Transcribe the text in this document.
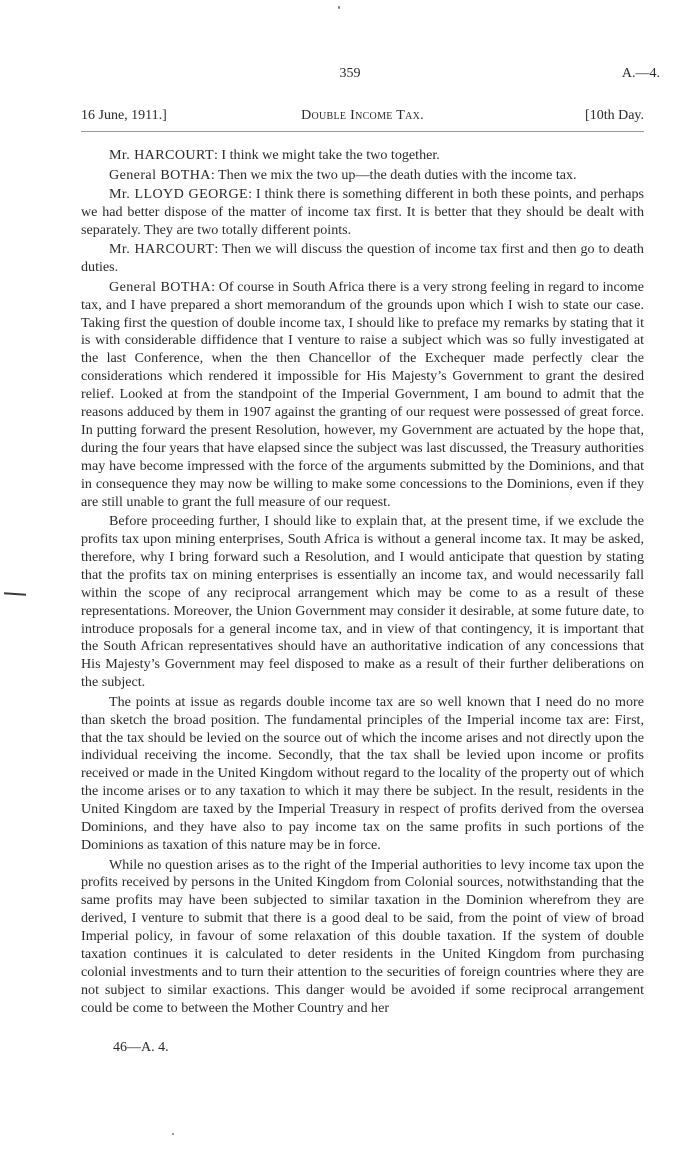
359	A.—4.
16 June, 1911.]	Double Income Tax.	[10th Day.

Mr. HARCOURT: I think we might take the two together.

General BOTHA: Then we mix the two up—the death duties with the income tax.

Mr. LLOYD GEORGE: I think there is something different in both these points, and perhaps we had better dispose of the matter of income tax first. It is better that they should be dealt with separately. They are two totally different points.

Mr. HARCOURT: Then we will discuss the question of income tax first and then go to death duties.

General BOTHA: Of course in South Africa there is a very strong feeling in regard to income tax, and I have prepared a short memorandum of the grounds upon which I wish to state our case. Taking first the question of double income tax, I should like to preface my remarks by stating that it is with considerable diffidence that I venture to raise a subject which was so fully investigated at the last Conference, when the then Chancellor of the Exchequer made perfectly clear the considerations which rendered it impossible for His Majesty’s Government to grant the desired relief. Looked at from the standpoint of the Imperial Government, I am bound to admit that the reasons adduced by them in 1907 against the granting of our request were possessed of great force. In putting forward the present Resolution, however, my Government are actuated by the hope that, during the four years that have elapsed since the subject was last discussed, the Treasury authorities may have become impressed with the force of the arguments submitted by the Dominions, and that in consequence they may now be willing to make some concessions to the Dominions, even if they are still unable to grant the full measure of our request.

Before proceeding further, I should like to explain that, at the present time, if we exclude the profits tax upon mining enterprises, South Africa is without a general income tax. It may be asked, therefore, why I bring forward such a Resolution, and I would anticipate that question by stating that the profits tax on mining enterprises is essentially an income tax, and would necessarily fall within the scope of any reciprocal arrangement which may be come to as a result of these representations. Moreover, the Union Government may consider it desirable, at some future date, to introduce proposals for a general income tax, and in view of that contingency, it is important that the South African representatives should have an authoritative indication of any concessions that His Majesty’s Government may feel disposed to make as a result of their further deliberations on the subject.

The points at issue as regards double income tax are so well known that I need do no more than sketch the broad position. The fundamental principles of the Imperial income tax are: First, that the tax should be levied on the source out of which the income arises and not directly upon the individual receiving the income. Secondly, that the tax shall be levied upon income or profits received or made in the United Kingdom without regard to the locality of the property out of which the income arises or to any taxation to which it may there be subject. In the result, residents in the United Kingdom are taxed by the Imperial Treasury in respect of profits derived from the oversea Dominions, and they have also to pay income tax on the same profits in such portions of the Dominions as taxation of this nature may be in force.

While no question arises as to the right of the Imperial authorities to levy income tax upon the profits received by persons in the United Kingdom from Colonial sources, notwithstanding that the same profits may have been subjected to similar taxation in the Dominion wherefrom they are derived, I venture to submit that there is a good deal to be said, from the point of view of broad Imperial policy, in favour of some relaxation of this double taxation. If the system of double taxation continues it is calculated to deter residents in the United Kingdom from purchasing colonial investments and to turn their attention to the securities of foreign countries where they are not subject to similar exactions. This danger would be avoided if some reciprocal arrangement could be come to between the Mother Country and her

46—A. 4.
